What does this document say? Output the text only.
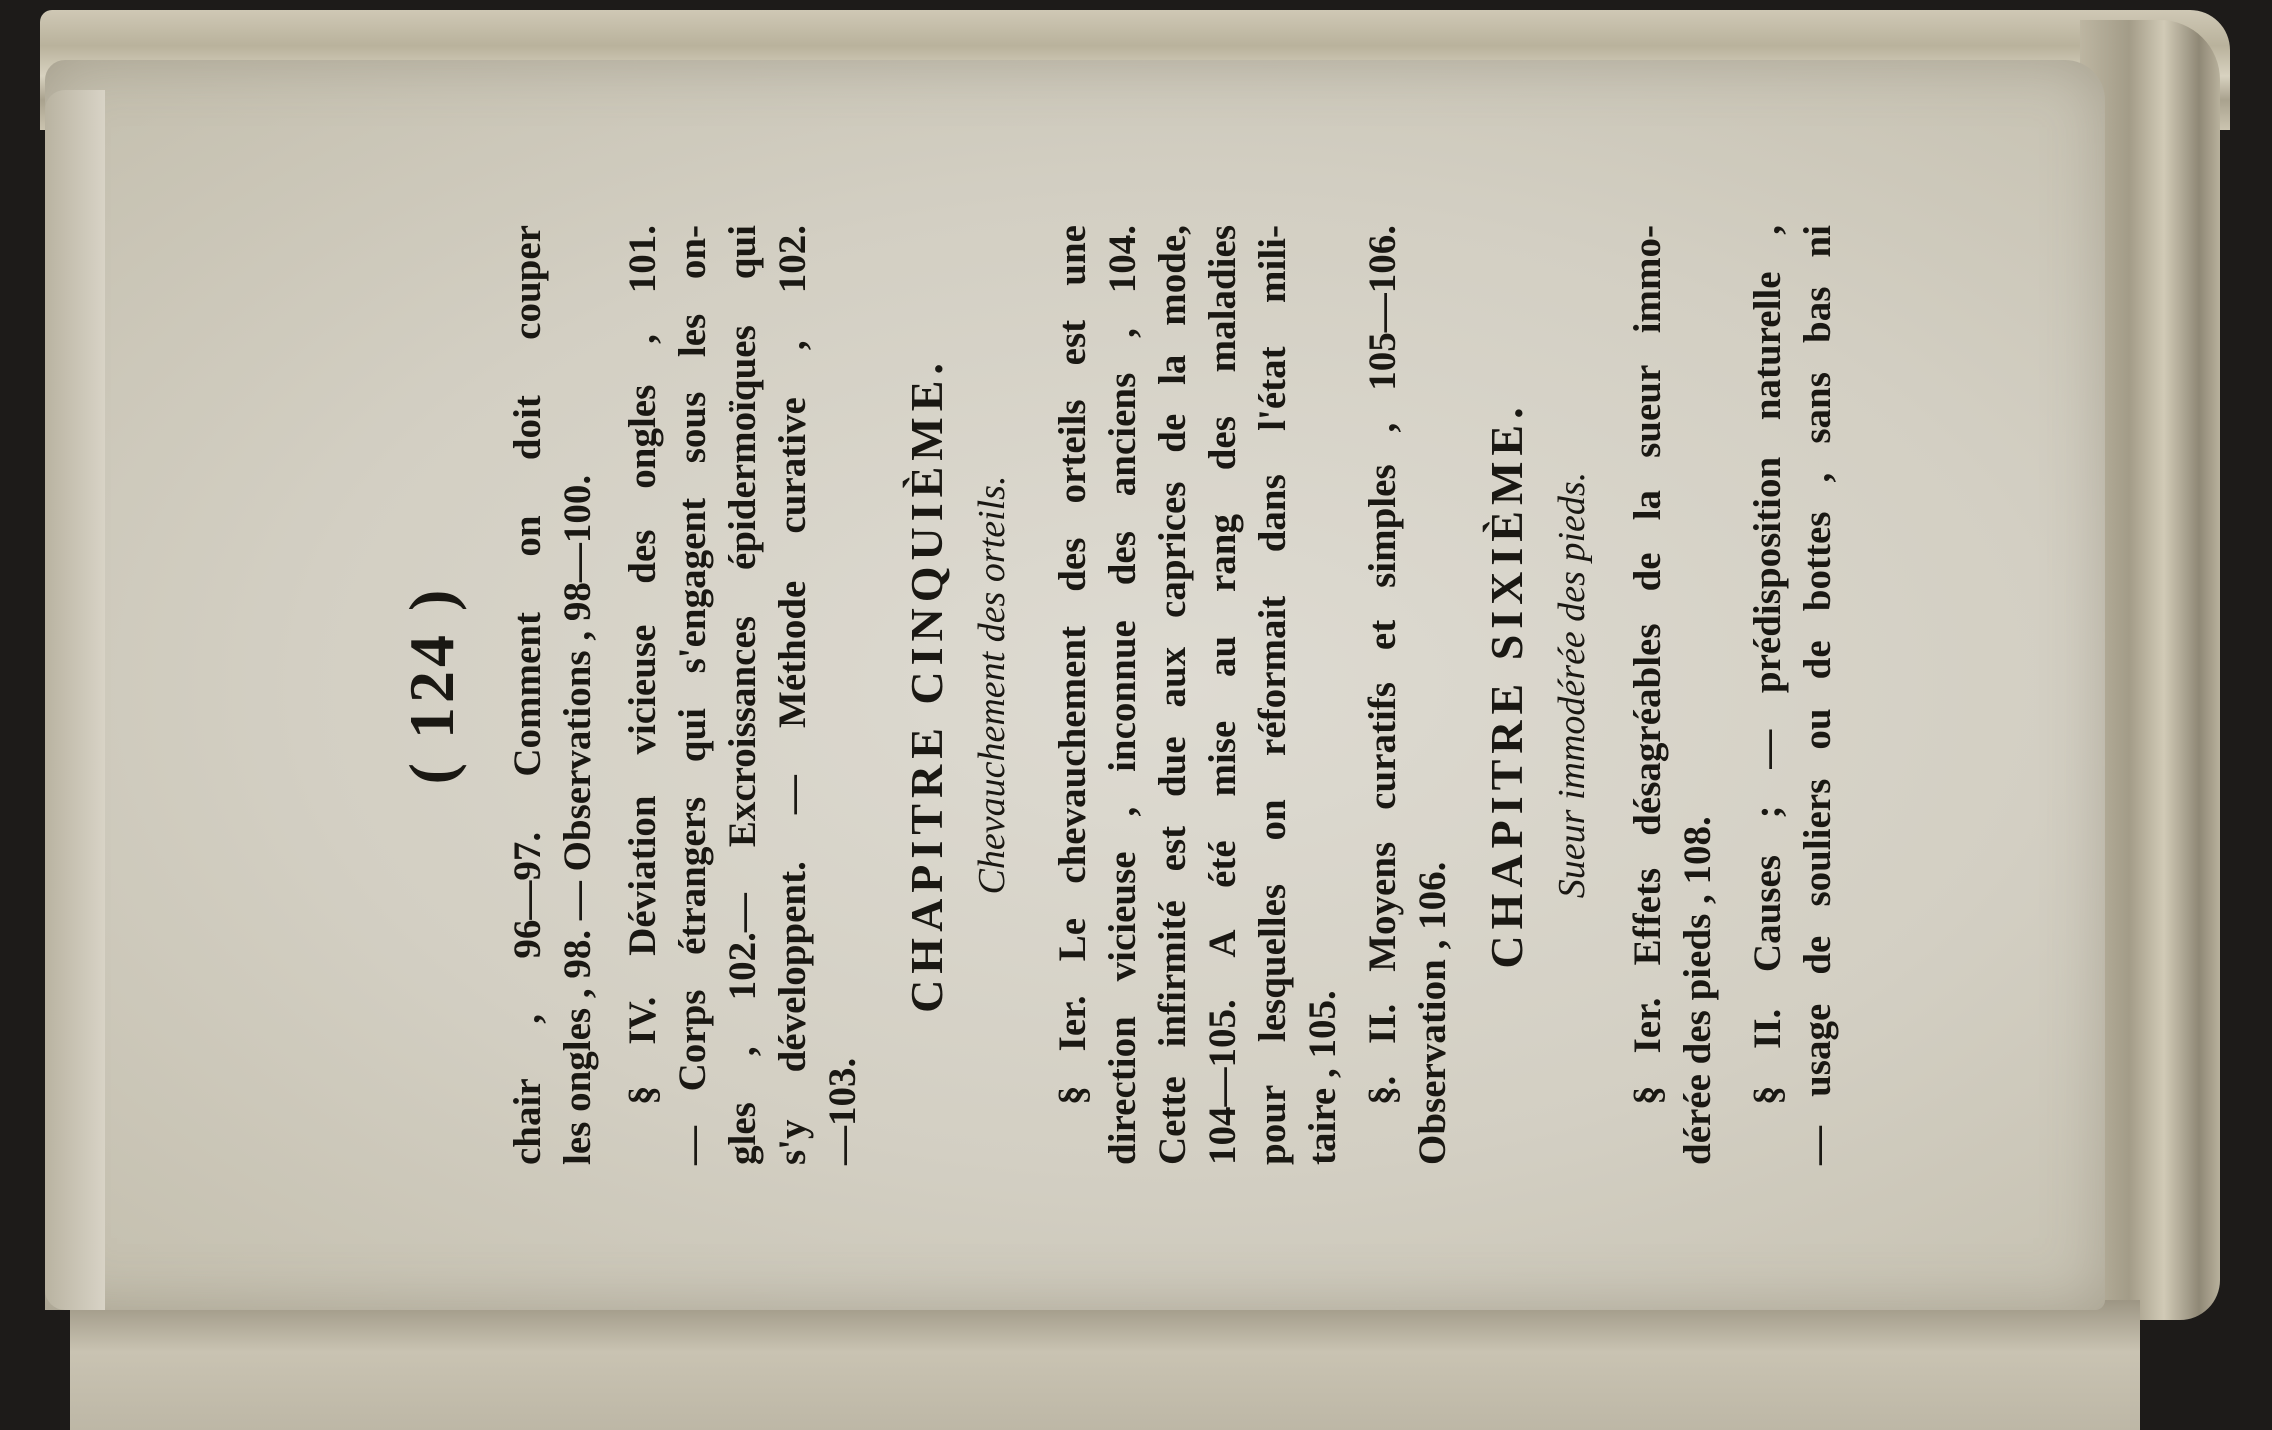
( 124 ) chair , 96—97. Comment on doit couper les ongles , 98. — Observations , 98—100. § IV. Déviation vicieuse des ongles , 101. — Corps étrangers qui s'engagent sous les on- gles , 102.— Excroissances épidermoïques qui s'y développent. — Méthode curative , 102. —103.
CHAPITRE CINQUIÈME. Chevauchement des orteils. § Ier. Le chevauchement des orteils est une direction vicieuse , inconnue des anciens , 104. Cette infirmité est due aux caprices de la mode, 104—105. A été mise au rang des maladies pour lesquelles on réformait dans l'état mili- taire , 105. §. II. Moyens curatifs et simples , 105—106. Observation , 106.
CHAPITRE SIXIÈME. Sueur immodérée des pieds. § Ier. Effets désagréables de la sueur immo- dérée des pieds , 108. § II. Causes ; — prédisposition naturelle , — usage de souliers ou de bottes , sans bas ni
